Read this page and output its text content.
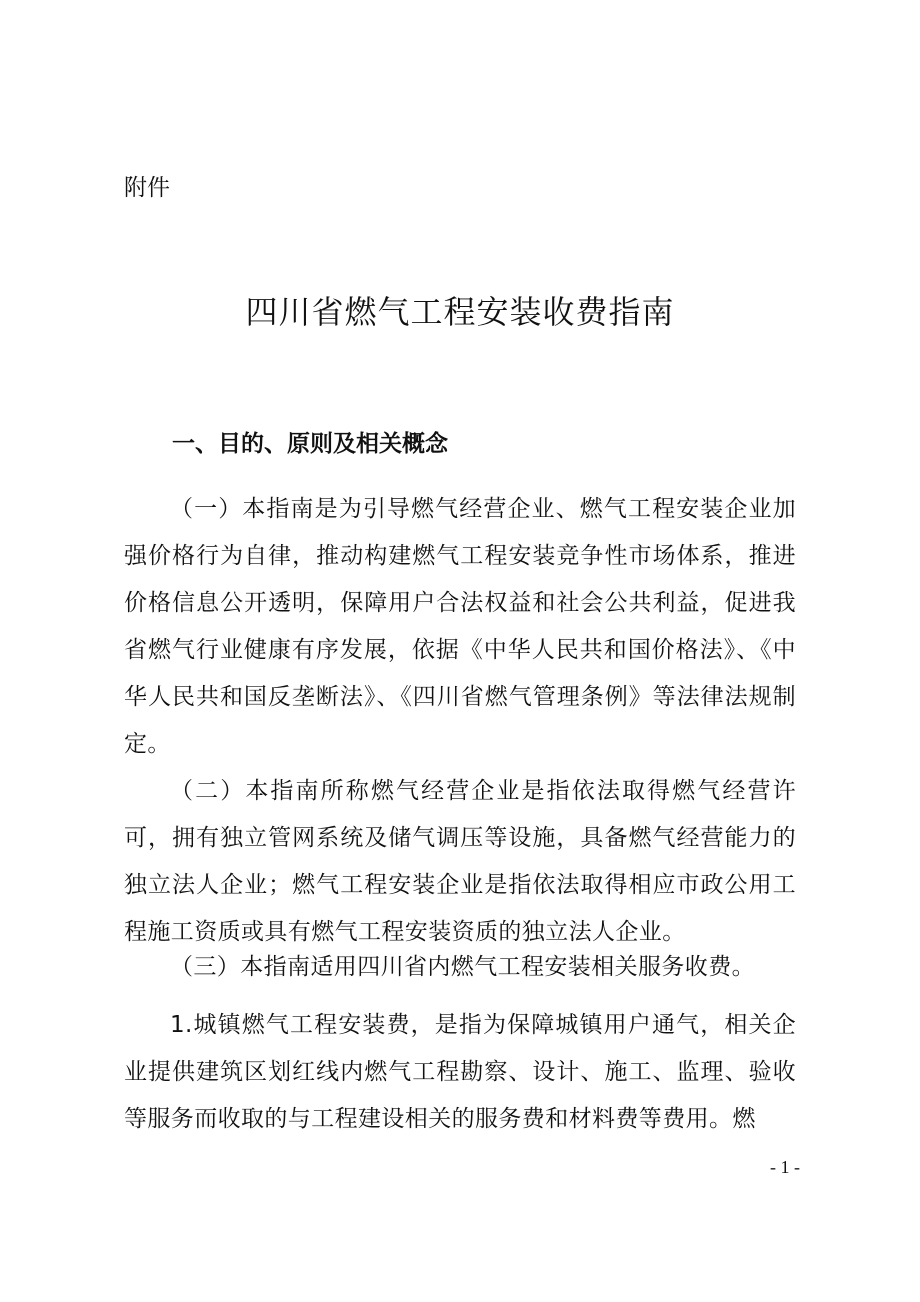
附件

四川省燃气工程安装收费指南
一、目的、原则及相关概念

（一）本指南是为引导燃气经营企业、燃气工程安装企业加强价格行为自律，推动构建燃气工程安装竞争性市场体系，推进价格信息公开透明，保障用户合法权益和社会公共利益，促进我省燃气行业健康有序发展，依据《中华人民共和国价格法》、《中华人民共和国反垄断法》、《四川省燃气管理条例》等法律法规制定。

（二）本指南所称燃气经营企业是指依法取得燃气经营许可，拥有独立管网系统及储气调压等设施，具备燃气经营能力的独立法人企业；燃气工程安装企业是指依法取得相应市政公用工程施工资质或具有燃气工程安装资质的独立法人企业。

（三）本指南适用四川省内燃气工程安装相关服务收费。

1.城镇燃气工程安装费，是指为保障城镇用户通气，相关企业提供建筑区划红线内燃气工程勘察、设计、施工、监理、验收等服务而收取的与工程建设相关的服务费和材料费等费用。燃

- 1 -
